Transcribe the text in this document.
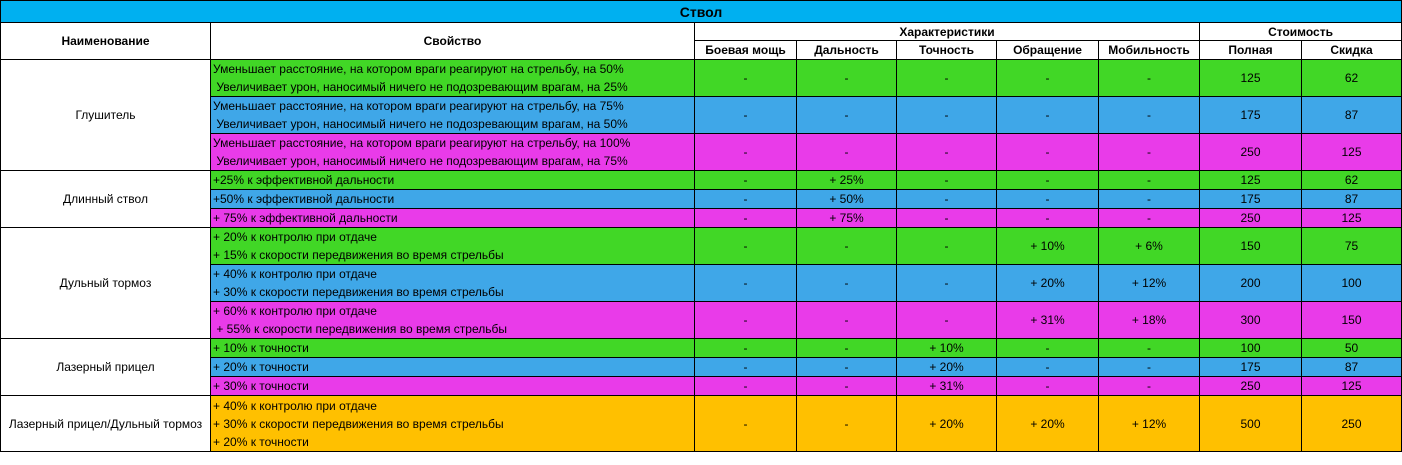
Ствол								
Наименование	Свойство	Характеристики					Стоимость	
		Боевая мощь	Дальность	Точность	Обращение	Мобильность	Полная	Скидка
Глушитель	Уменьшает расстояние, на котором враги реагируют на стрельбу, на 50%
Увеличивает урон, наносимый ничего не подозревающим врагам, на 25%	-	-	-	-	-	125	62
	Уменьшает расстояние, на котором враги реагируют на стрельбу, на 75%
Увеличивает урон, наносимый ничего не подозревающим врагам, на 50%	-	-	-	-	-	175	87
	Уменьшает расстояние, на котором враги реагируют на стрельбу, на 100%
Увеличивает урон, наносимый ничего не подозревающим врагам, на 75%	-	-	-	-	-	250	125
Длинный ствол	+25% к эффективной дальности	-	+ 25%	-	-	-	125	62
	+50% к эффективной дальности	-	+ 50%	-	-	-	175	87
	+ 75% к эффективной дальности	-	+ 75%	-	-	-	250	125
Дульный тормоз	+ 20% к контролю при отдаче
+ 15% к скорости передвижения во время стрельбы	-	-	-	+ 10%	+ 6%	150	75
	+ 40% к контролю при отдаче
+ 30% к скорости передвижения во время стрельбы	-	-	-	+ 20%	+ 12%	200	100
	+ 60% к контролю при отдаче
+ 55% к скорости передвижения во время стрельбы	-	-	-	+ 31%	+ 18%	300	150
Лазерный прицел	+ 10% к точности	-	-	+ 10%	-	-	100	50
	+ 20% к точности	-	-	+ 20%	-	-	175	87
	+ 30% к точности	-	-	+ 31%	-	-	250	125
Лазерный прицел/Дульный тормоз	+ 40% к контролю при отдаче
+ 30% к скорости передвижения во время стрельбы
+ 20% к точности	-	-	+ 20%	+ 20%	+ 12%	500	250
